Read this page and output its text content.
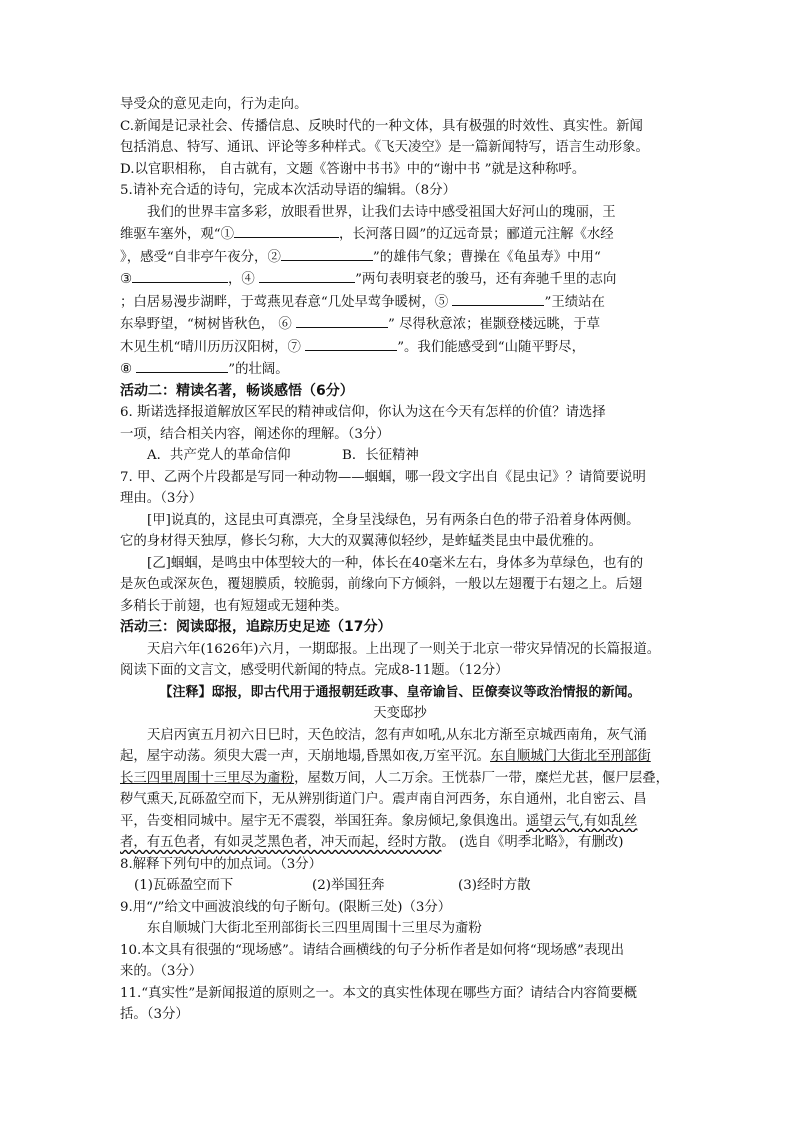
导受众的意见走向，行为走向。
C.新闻是记录社会、传播信息、反映时代的一种文体，具有极强的时效性、真实性。新闻
包括消息、特写、通讯、评论等多种样式。《飞天凌空》是一篇新闻特写，语言生动形象。
D.以官职相称， 自古就有，文题《答谢中书书》中的“谢中书 ”就是这种称呼。
5.请补充合适的诗句，完成本次活动导语的编辑。（8分）
我们的世界丰富多彩，放眼看世界，让我们去诗中感受祖国大好河山的瑰丽，王
维驱车塞外，观“①	，长河落日圆”的辽远奇景；郦道元注解《水经
》，感受“自非亭午夜分，②	”的雄伟气象；曹操在《龟虽寿》中用“
③	，④	”两句表明衰老的骏马，还有奔驰千里的志向
；白居易漫步湖畔，于莺燕见春意“几处早莺争暖树，⑤	”王绩站在
东皋野望，“树树皆秋色， ⑥	” 尽得秋意浓；崔颢登楼远眺，于草
木见生机“晴川历历汉阳树，⑦	”。我们能感受到“山随平野尽，
⑧	”的壮阔。
活动二：精读名著，畅谈感悟（6分）
6. 斯诺选择报道解放区军民的精神或信仰，你认为这在今天有怎样的价值？请选择
一项，结合相关内容，阐述你的理解。（3分）
A．共产党人的革命信仰	B．长征精神
7. 甲、乙两个片段都是写同一种动物——蝈蝈，哪一段文字出自《昆虫记》？请简要说明
理由。（3分）
[甲]说真的，这昆虫可真漂亮，全身呈浅绿色，另有两条白色的带子沿着身体两侧。
它的身材得天独厚，修长匀称，大大的双翼薄似轻纱，是蚱蜢类昆虫中最优雅的。
[乙]蝈蝈，是鸣虫中体型较大的一种，体长在40毫米左右，身体多为草绿色，也有的
是灰色或深灰色，覆翅膜质，较脆弱，前缘向下方倾斜，一般以左翅覆于右翅之上。后翅
多稍长于前翅，也有短翅或无翅种类。
活动三：阅读邸报，追踪历史足迹（17分）
天启六年(1626年)六月，一期邸报。上出现了一则关于北京一带灾异情况的长篇报道。
阅读下面的文言文，感受明代新闻的特点。完成8-11题。（12分）
【注释】邸报，即古代用于通报朝廷政事、皇帝谕旨、臣僚奏议等政治情报的新闻。
天变邸抄
天启丙寅五月初六日巳时，天色皎洁，忽有声如吼,从东北方渐至京城西南角，灰气涌
起，屋宇动荡。须臾大震一声，天崩地塌,昏黑如夜,万室平沉。东自顺城门大街北至刑部街
长三四里周围十三里尽为齑粉，屋数万间，人二万余。王恍恭厂一带，糜烂尤甚，偃尸层叠，
秽气熏天,瓦砾盈空而下，无从辨别街道门户。震声南自河西务，东自通州，北自密云、昌
平，告变相同城中。屋宇无不震裂，举国狂奔。象房倾圮,象俱逸出。遥望云气,有如乱丝
者，有五色者，有如灵芝黑色者，冲天而起，经时方散。 (选自《明季北略》，有删改)
8.解释下列句中的加点词。（3分）
(1)瓦砾盈空而下	(2)举国狂奔	(3)经时方散
9.用“/”给文中画波浪线的句子断句。(限断三处)（3分）
东自顺城门大街北至刑部街长三四里周围十三里尽为齑粉
10.本文具有很强的“现场感”。请结合画横线的句子分析作者是如何将“现场感”表现出
来的。（3分）
11.“真实性”是新闻报道的原则之一。本文的真实性体现在哪些方面？请结合内容简要概
括。（3分）
